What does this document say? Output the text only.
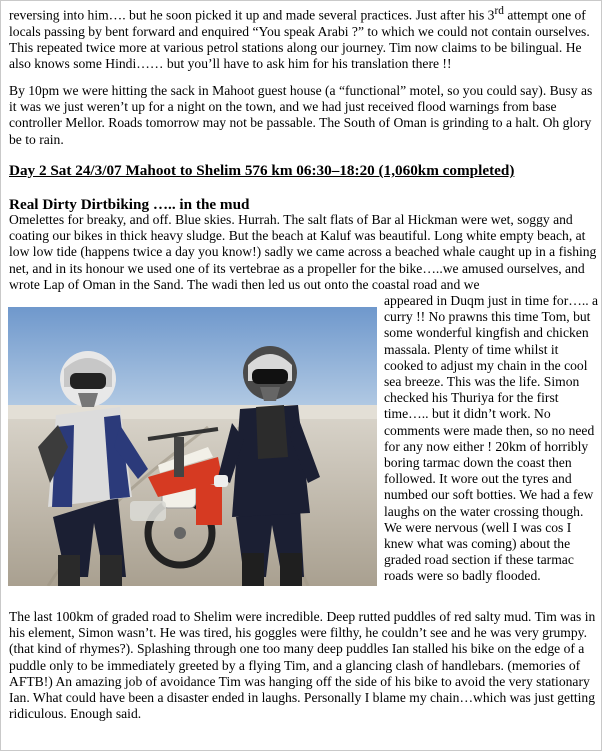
reversing into him…. but he soon picked it up and made several practices. Just after his 3rd attempt one of locals passing by bent forward and enquired “You speak Arabi ?” to which we could not contain ourselves. This repeated twice more at various petrol stations along our journey. Tim now claims to be bilingual. He also knows some Hindi…… but you’ll have to ask him for his translation there !!

By 10pm we were hitting the sack in Mahoot guest house (a “functional” motel, so you could say). Busy as it was we just weren’t up for a night on the town, and we had just received flood warnings from base controller Mellor. Roads tomorrow may not be passable. The South of Oman is grinding to a halt. Oh glory be to rain.

Day 2 Sat 24/3/07 Mahoot to Shelim 576 km 06:30–18:20 (1,060km completed)
Real Dirty Dirtbiking ….. in the mud

Omelettes for breaky, and off. Blue skies. Hurrah. The salt flats of Bar al Hickman were wet, soggy and coating our bikes in thick heavy sludge. But the beach at Kaluf was beautiful. Long white empty beach, at low low tide (happens twice a day you know!) sadly we came across a beached whale caught up in a fishing net, and in its honour we used one of its vertebrae as a propeller for the bike…..we amused ourselves, and wrote Lap of Oman in the Sand. The wadi then led us out onto the coastal road and we

appeared in Duqm just in time for….. a curry !! No prawns this time Tom, but some wonderful kingfish and chicken massala. Plenty of time whilst it cooked to adjust my chain in the cool sea breeze. This was the life. Simon checked his Thuriya for the first time….. but it didn’t work. No comments were made then, so no need for any now either ! 20km of horribly boring tarmac down the coast then followed. It wore out the tyres and numbed our soft botties. We had a few laughs on the water crossing though. We were nervous (well I was cos I knew what was coming) about the graded road section if these tarmac roads were so badly flooded.

The last 100km of graded road to Shelim were incredible. Deep rutted puddles of red salty mud. Tim was in his element, Simon wasn’t. He was tired, his goggles were filthy, he couldn’t see and he was very grumpy. (that kind of rhymes?). Splashing through one too many deep puddles Ian stalled his bike on the edge of a puddle only to be immediately greeted by a flying Tim, and a glancing clash of handlebars. (memories of AFTB!) An amazing job of avoidance Tim was hanging off the side of his bike to avoid the very stationary Ian. What could have been a disaster ended in laughs. Personally I blame my chain…which was just getting ridiculous. Enough said.
